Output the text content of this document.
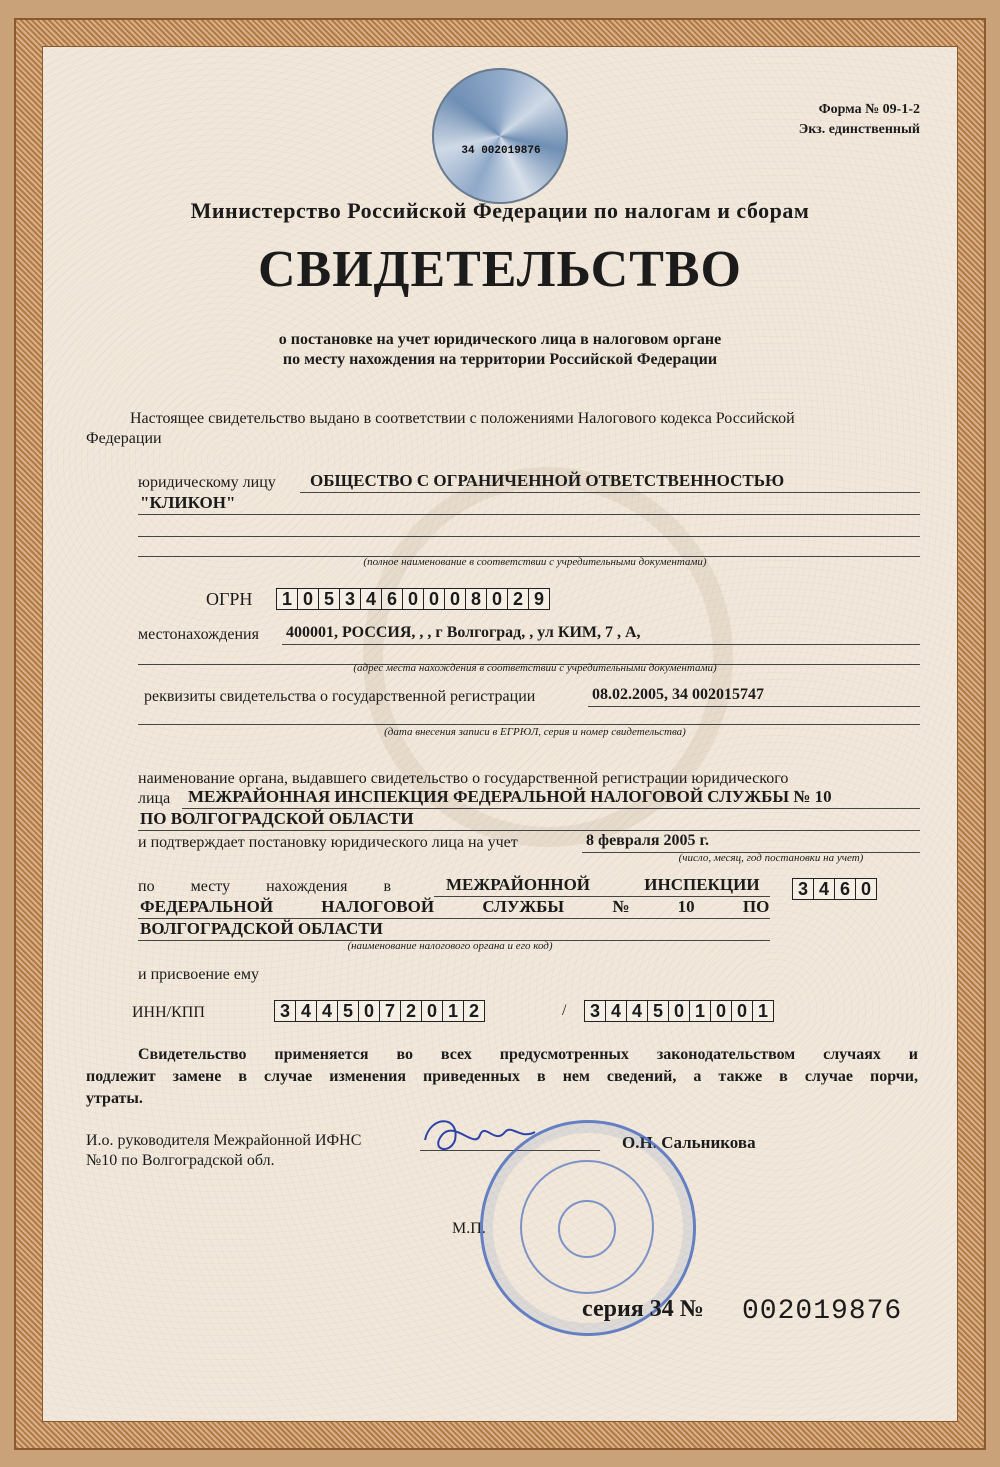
34 002019876
Форма № 09-1-2
Экз. единственный
Министерство Российской Федерации по налогам и сборам
СВИДЕТЕЛЬСТВО
о постановке на учет юридического лица в налоговом органе
по месту нахождения на территории Российской Федерации
Настоящее свидетельство выдано в соответствии с положениями Налогового кодекса Российской
Федерации
юридическому лицу ОБЩЕСТВО С ОГРАНИЧЕННОЙ ОТВЕТСТВЕННОСТЬЮ
"КЛИКОН"
(полное наименование в соответствии с учредительными документами)
ОГРН 1 0 5 3 4 6 0 0 0 8 0 2 9
местонахождения 400001, РОССИЯ, , , г Волгоград, , ул КИМ, 7 , А,
(адрес места нахождения в соответствии с учредительными документами)
реквизиты свидетельства о государственной регистрации	08.02.2005, 34 002015747
(дата внесения записи в ЕГРЮЛ, серия и номер свидетельства)
наименование органа, выдавшего свидетельство о государственной регистрации юридического
лица МЕЖРАЙОННАЯ ИНСПЕКЦИЯ ФЕДЕРАЛЬНОЙ НАЛОГОВОЙ СЛУЖБЫ № 10
ПО ВОЛГОГРАДСКОЙ ОБЛАСТИ
и подтверждает постановку юридического лица на учет	8 февраля 2005 г.
(число, месяц, год постановки на учет)
по месту нахождения в	МЕЖРАЙОННОЙ ИНСПЕКЦИИ
ФЕДЕРАЛЬНОЙ НАЛОГОВОЙ СЛУЖБЫ № 10 ПО
ВОЛГОГРАДСКОЙ ОБЛАСТИ
(наименование налогового органа и его код)
3 4 6 0
и присвоение ему
ИНН/КПП	3 4 4 5 0 7 2 0 1 2	/ 3 4 4 5 0 1 0 0 1
Свидетельство применяется во всех предусмотренных законодательством случаях и
подлежит замене в случае изменения приведенных в нем сведений, а также в случае порчи,
утраты.
И.о. руководителя Межрайонной ИФНС
№10 по Волгоградской обл.
О.Н. Сальникова
М.П.
серия 34 № 002019876
